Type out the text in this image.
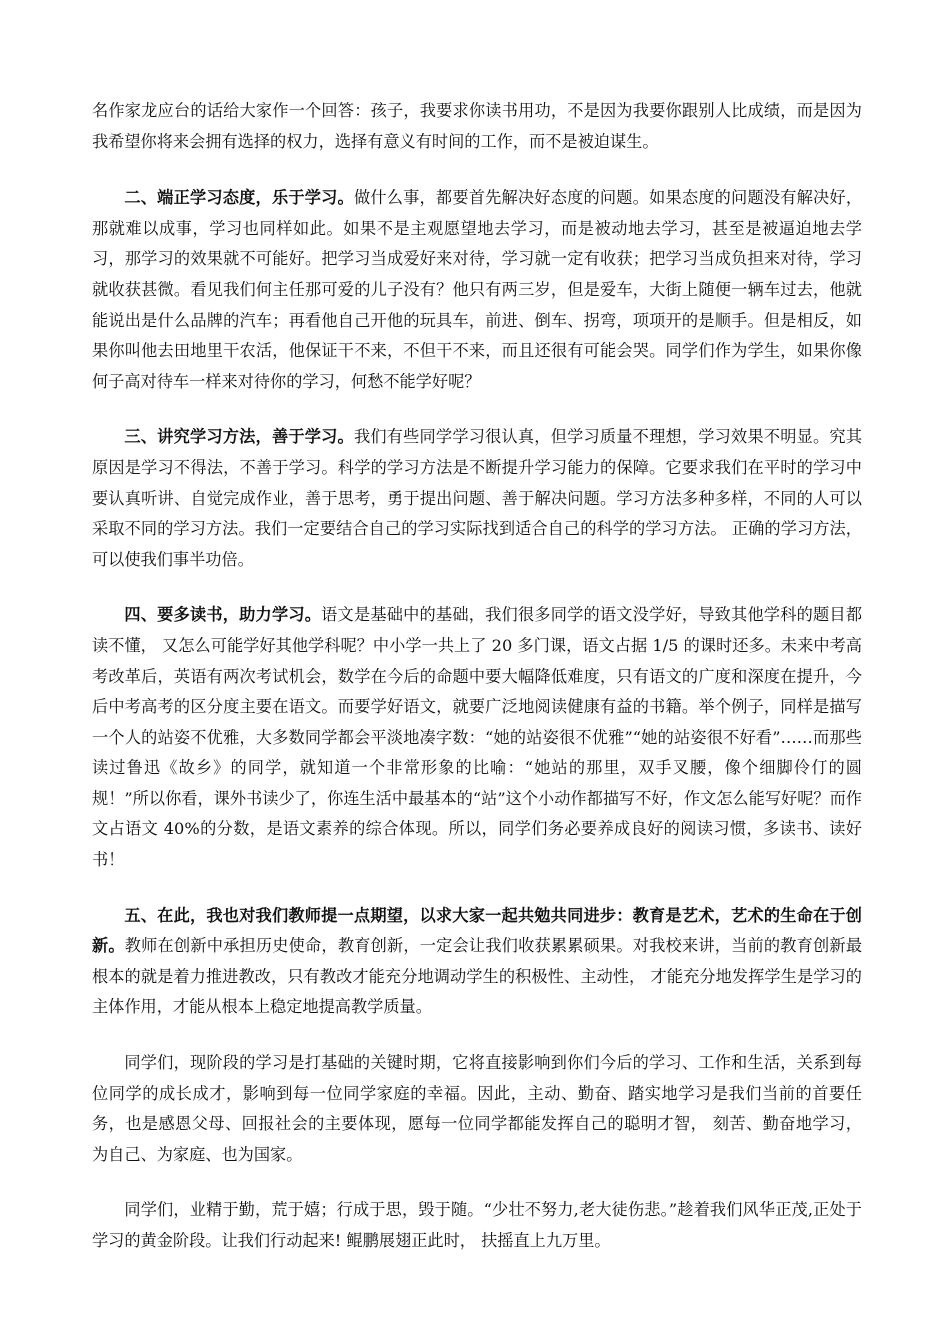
名作家龙应台的话给大家作一个回答：孩子，我要求你读书用功，不是因为我要你跟别人比成绩，而是因为我希望你将来会拥有选择的权力，选择有意义有时间的工作，而不是被迫谋生。

二、端正学习态度，乐于学习。做什么事，都要首先解决好态度的问题。如果态度的问题没有解决好，那就难以成事，学习也同样如此。如果不是主观愿望地去学习，而是被动地去学习，甚至是被逼迫地去学习，那学习的效果就不可能好。把学习当成爱好来对待，学习就一定有收获；把学习当成负担来对待，学习就收获甚微。看见我们何主任那可爱的儿子没有？他只有两三岁，但是爱车，大街上随便一辆车过去，他就能说出是什么品牌的汽车；再看他自己开他的玩具车，前进、倒车、拐弯，项项开的是顺手。但是相反，如果你叫他去田地里干农活，他保证干不来，不但干不来，而且还很有可能会哭。同学们作为学生，如果你像何子高对待车一样来对待你的学习，何愁不能学好呢？

三、讲究学习方法，善于学习。我们有些同学学习很认真，但学习质量不理想，学习效果不明显。究其原因是学习不得法，不善于学习。科学的学习方法是不断提升学习能力的保障。它要求我们在平时的学习中要认真听讲、自觉完成作业，善于思考，勇于提出问题、善于解决问题。学习方法多种多样，不同的人可以采取不同的学习方法。我们一定要结合自己的学习实际找到适合自己的科学的学习方法。 正确的学习方法，可以使我们事半功倍。

四、要多读书，助力学习。语文是基础中的基础，我们很多同学的语文没学好，导致其他学科的题目都读不懂， 又怎么可能学好其他学科呢？中小学一共上了 20 多门课，语文占据 1/5 的课时还多。未来中考高考改革后，英语有两次考试机会，数学在今后的命题中要大幅降低难度，只有语文的广度和深度在提升，今后中考高考的区分度主要在语文。而要学好语文，就要广泛地阅读健康有益的书籍。举个例子，同样是描写一个人的站姿不优雅，大多数同学都会平淡地凑字数：“她的站姿很不优雅”“她的站姿很不好看”……而那些读过鲁迅《故乡》的同学，就知道一个非常形象的比喻：“她站的那里，双手叉腰，像个细脚伶仃的圆规！”所以你看，课外书读少了，你连生活中最基本的“站”这个小动作都描写不好，作文怎么能写好呢？而作文占语文 40%的分数，是语文素养的综合体现。所以，同学们务必要养成良好的阅读习惯，多读书、读好书！

五、在此，我也对我们教师提一点期望，以求大家一起共勉共同进步：教育是艺术，艺术的生命在于创新。教师在创新中承担历史使命，教育创新，一定会让我们收获累累硕果。对我校来讲，当前的教育创新最根本的就是着力推进教改，只有教改才能充分地调动学生的积极性、主动性， 才能充分地发挥学生是学习的主体作用，才能从根本上稳定地提高教学质量。

同学们，现阶段的学习是打基础的关键时期，它将直接影响到你们今后的学习、工作和生活，关系到每位同学的成长成才，影响到每一位同学家庭的幸福。因此，主动、勤奋、踏实地学习是我们当前的首要任务，也是感恩父母、回报社会的主要体现，愿每一位同学都能发挥自己的聪明才智， 刻苦、勤奋地学习， 为自己、为家庭、也为国家。

同学们，业精于勤，荒于嬉；行成于思，毁于随。“少壮不努力,老大徒伤悲。”趁着我们风华正茂,正处于学习的黄金阶段。让我们行动起来! 鲲鹏展翅正此时， 扶摇直上九万里。
